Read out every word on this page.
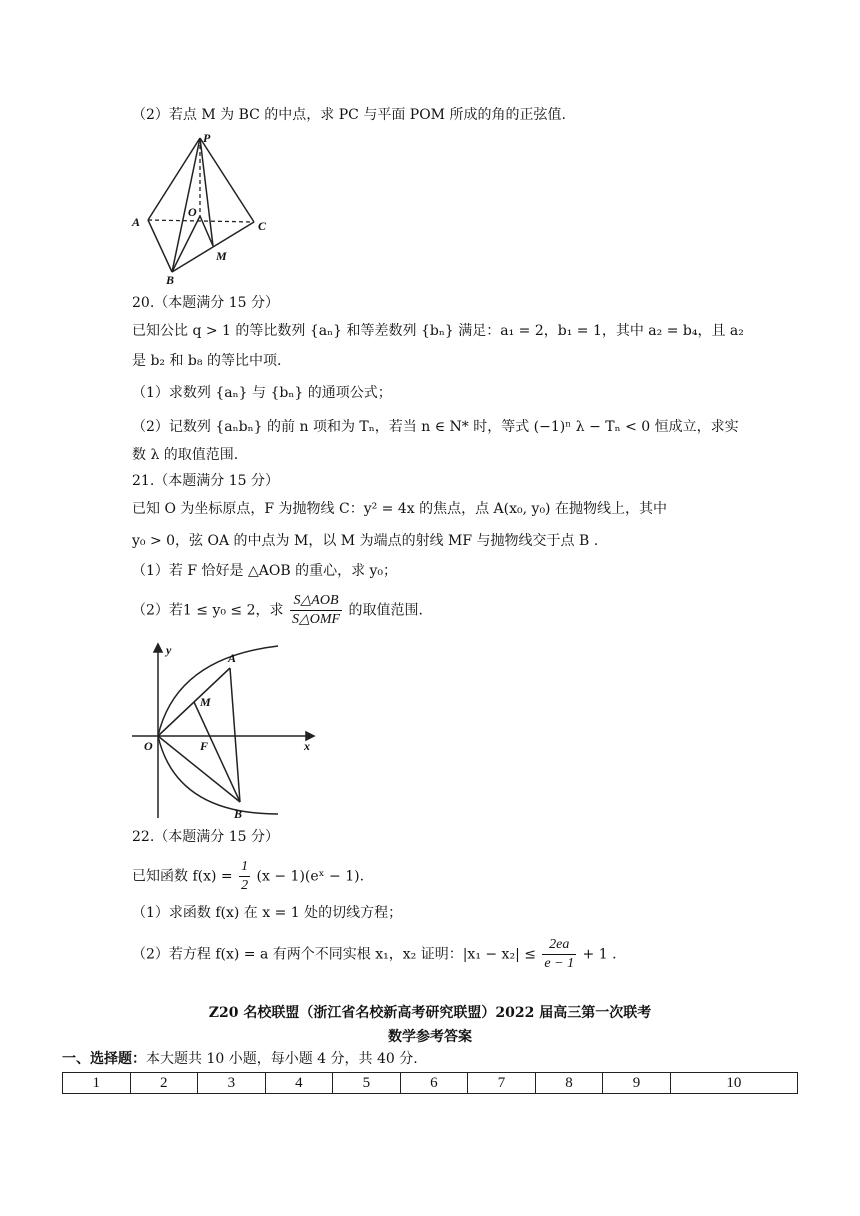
（2）若点 M 为 BC 的中点，求 PC 与平面 POM 所成的角的正弦值.
P
O
A
B
C
M
20.（本题满分 15 分）
已知公比 q > 1 的等比数列 {aₙ} 和等差数列 {bₙ} 满足：a₁ = 2，b₁ = 1，其中 a₂ = b₄，且 a₂
是 b₂ 和 b₈ 的等比中项.
（1）求数列 {aₙ} 与 {bₙ} 的通项公式；
（2）记数列 {aₙbₙ} 的前 n 项和为 Tₙ，若当 n ∈ N* 时，等式 (−1)ⁿ λ − Tₙ < 0 恒成立，求实
数 λ 的取值范围.
21.（本题满分 15 分）
已知 O 为坐标原点，F 为抛物线 C：y² = 4x 的焦点，点 A(x₀, y₀) 在抛物线上，其中
y₀ > 0，弦 OA 的中点为 M，以 M 为端点的射线 MF 与抛物线交于点 B .
（1）若 F 恰好是 △AOB 的重心，求 y₀；
（2）若1 ≤ y₀ ≤ 2，求 $\frac{\text{S△AOB}}{\text{S△OMF}}$ 的取值范围.
y
x
O
A
M
F
B
22.（本题满分 15 分）
已知函数 $f(x) = \frac{1}{2} (x$ − 1)(eˣ − 1).
（1）求函数 f(x) 在 x = 1 处的切线方程；
（2）若方程 f(x) = a 有两个不同实根 x₁，x₂ 证明：$|x_1 - x_2| \le \frac{2ea}{e - 1} + 1$ .
Z20 名校联盟（浙江省名校新高考研究联盟）2022 届高三第一次联考
数学参考答案
一、选择题：本大题共 10 小题，每小题 4 分，共 40 分.
1	2	3	4	5	6	7	8	9	10
